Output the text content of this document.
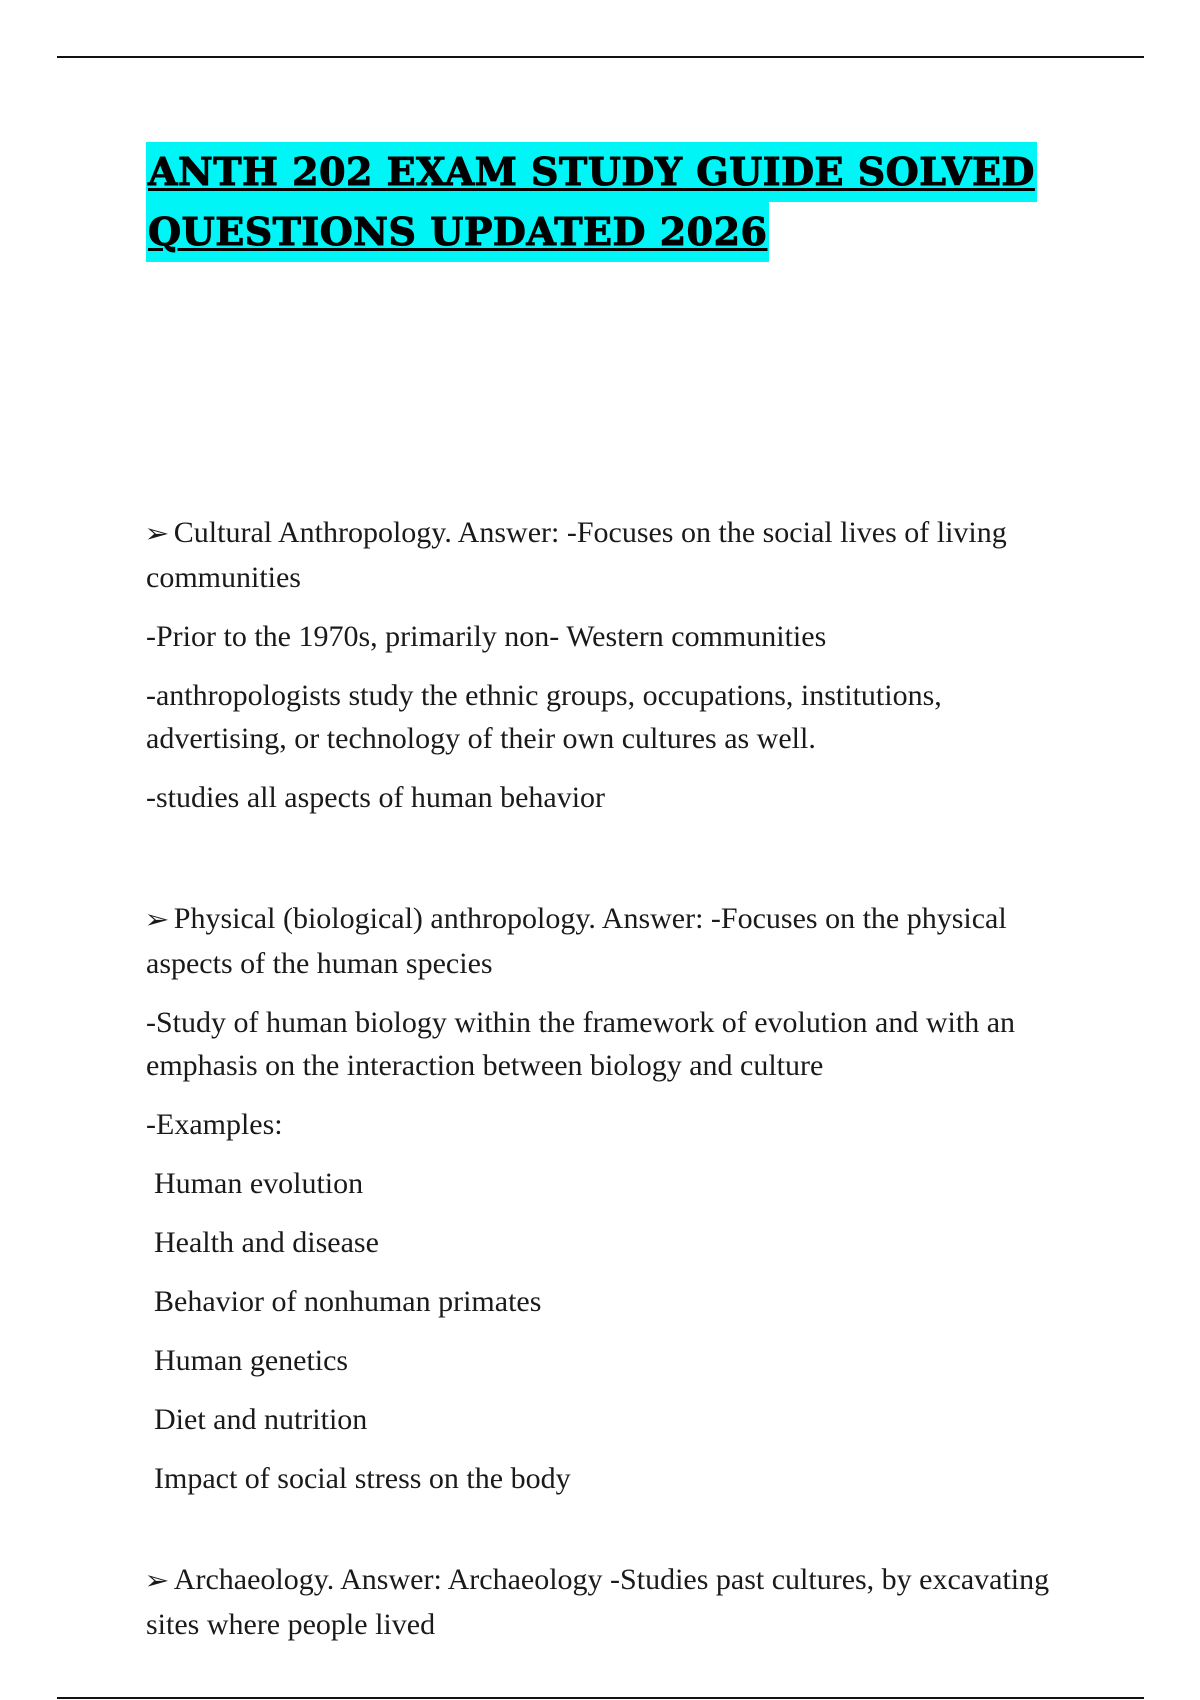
ANTH 202 EXAM STUDY GUIDE SOLVED
QUESTIONS UPDATED 2026

➢ Cultural Anthropology. Answer: -Focuses on the social lives of living communities

-Prior to the 1970s, primarily non- Western communities

-anthropologists study the ethnic groups, occupations, institutions, advertising, or technology of their own cultures as well.

-studies all aspects of human behavior

➢ Physical (biological) anthropology. Answer: -Focuses on the physical aspects of the human species

-Study of human biology within the framework of evolution and with an emphasis on the interaction between biology and culture

-Examples:

Human evolution

Health and disease

Behavior of nonhuman primates

Human genetics

Diet and nutrition

Impact of social stress on the body

➢ Archaeology. Answer: Archaeology -Studies past cultures, by excavating sites where people lived
